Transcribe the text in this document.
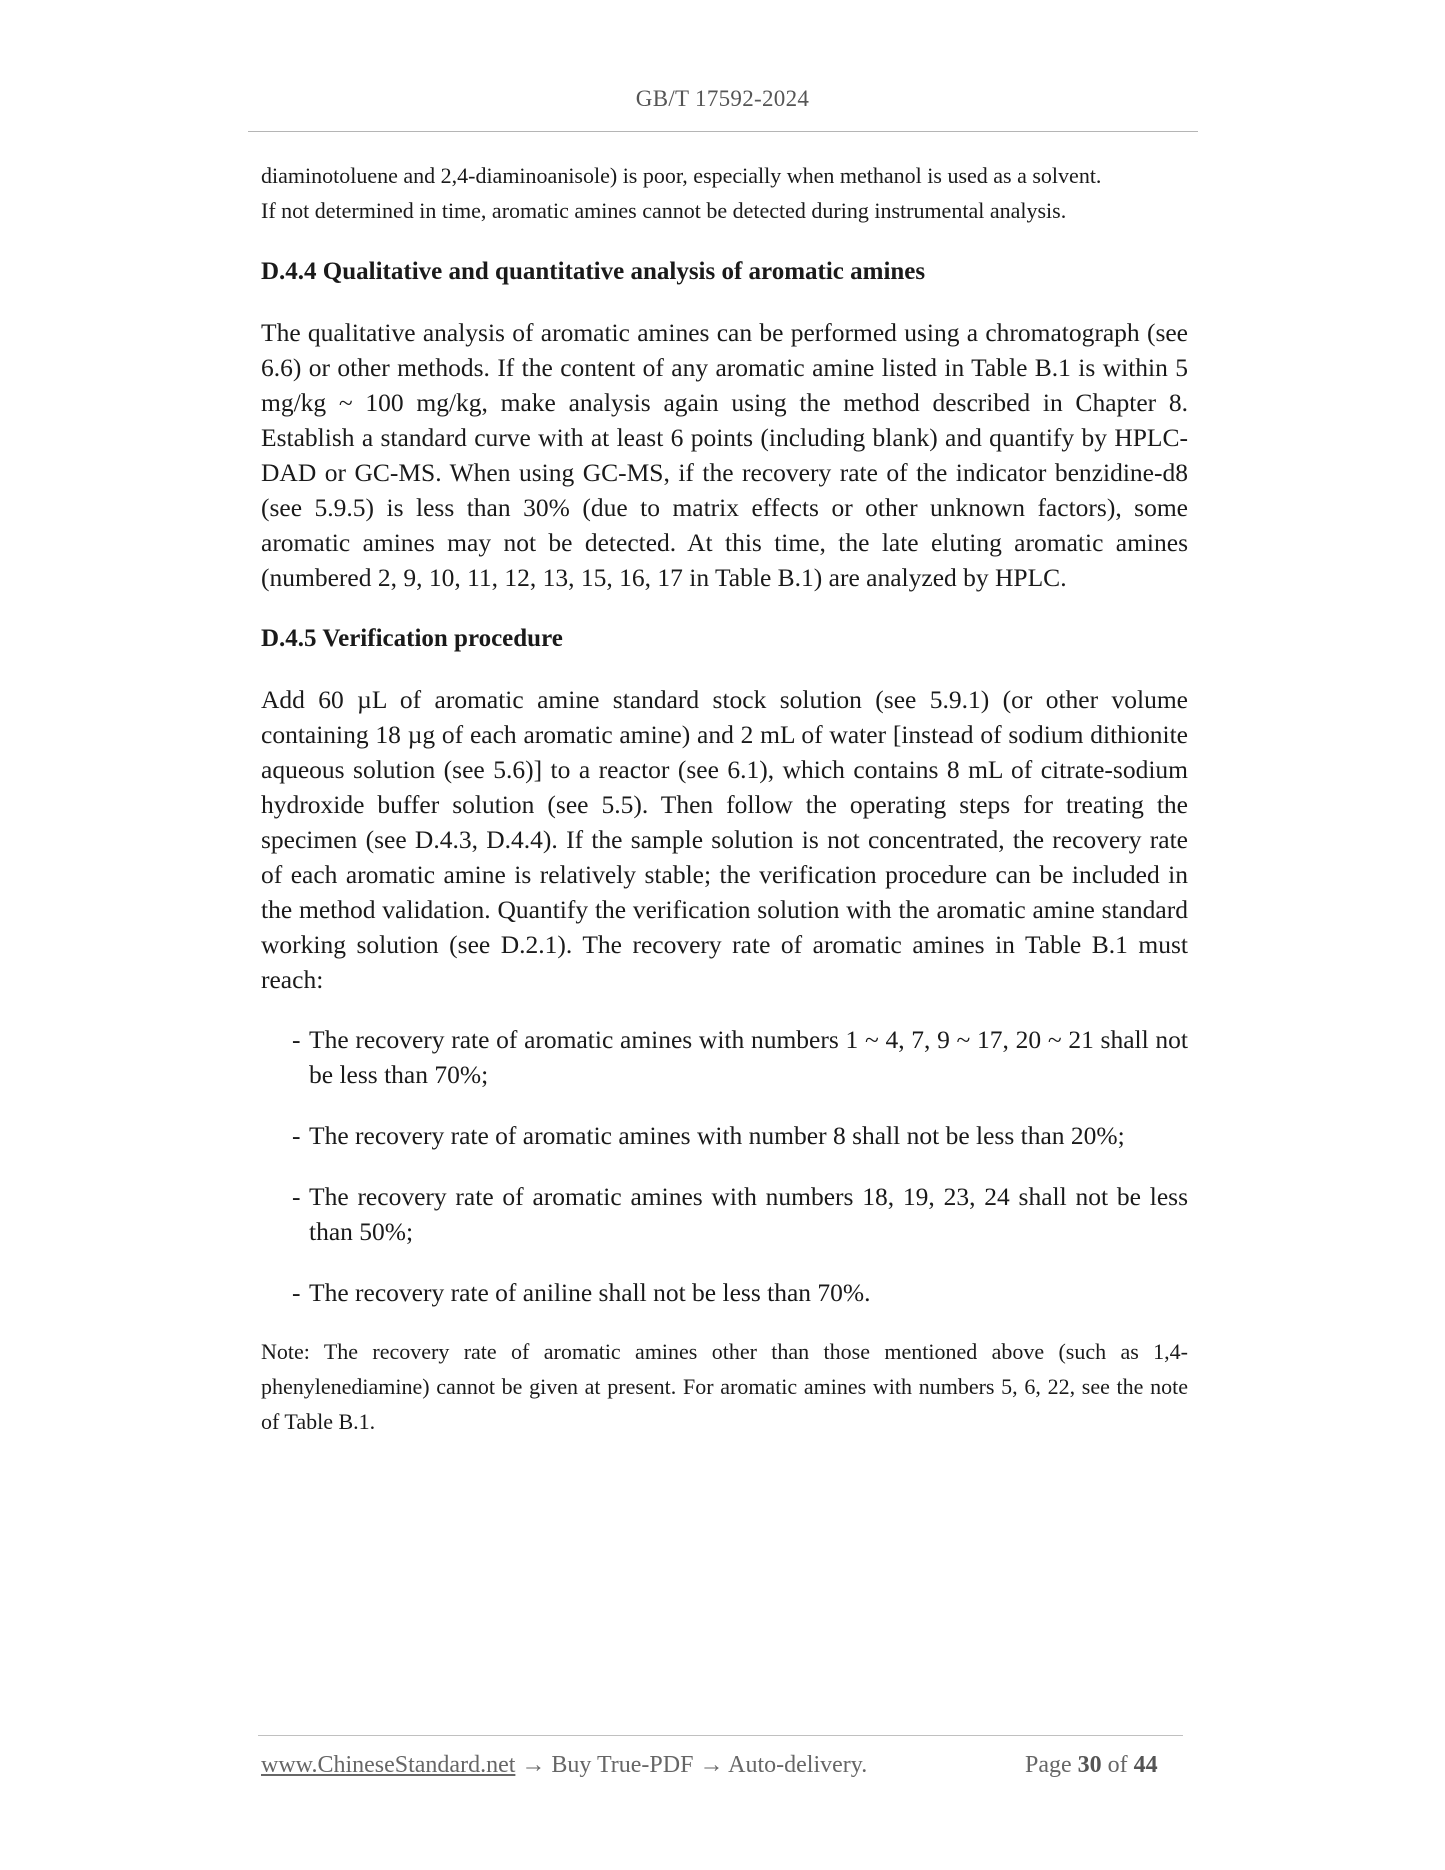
GB/T 17592-2024

diaminotoluene and 2,4-diaminoanisole) is poor, especially when methanol is used as a solvent.
If not determined in time, aromatic amines cannot be detected during instrumental analysis.

D.4.4 Qualitative and quantitative analysis of aromatic amines

The qualitative analysis of aromatic amines can be performed using a chromatograph (see 6.6) or other methods. If the content of any aromatic amine listed in Table B.1 is within 5 mg/kg ~ 100 mg/kg, make analysis again using the method described in Chapter 8. Establish a standard curve with at least 6 points (including blank) and quantify by HPLC-DAD or GC-MS. When using GC-MS, if the recovery rate of the indicator benzidine-d8 (see 5.9.5) is less than 30% (due to matrix effects or other unknown factors), some aromatic amines may not be detected. At this time, the late eluting aromatic amines (numbered 2, 9, 10, 11, 12, 13, 15, 16, 17 in Table B.1) are analyzed by HPLC.

D.4.5 Verification procedure

Add 60 µL of aromatic amine standard stock solution (see 5.9.1) (or other volume containing 18 µg of each aromatic amine) and 2 mL of water [instead of sodium dithionite aqueous solution (see 5.6)] to a reactor (see 6.1), which contains 8 mL of citrate-sodium hydroxide buffer solution (see 5.5). Then follow the operating steps for treating the specimen (see D.4.3, D.4.4). If the sample solution is not concentrated, the recovery rate of each aromatic amine is relatively stable; the verification procedure can be included in the method validation. Quantify the verification solution with the aromatic amine standard working solution (see D.2.1). The recovery rate of aromatic amines in Table B.1 must reach:

- The recovery rate of aromatic amines with numbers 1 ~ 4, 7, 9 ~ 17, 20 ~ 21 shall not be less than 70%;
- The recovery rate of aromatic amines with number 8 shall not be less than 20%;
- The recovery rate of aromatic amines with numbers 18, 19, 23, 24 shall not be less than 50%;
- The recovery rate of aniline shall not be less than 70%.

Note: The recovery rate of aromatic amines other than those mentioned above (such as 1,4-phenylenediamine) cannot be given at present. For aromatic amines with numbers 5, 6, 22, see the note of Table B.1.

www.ChineseStandard.net → Buy True-PDF → Auto-delivery.	Page 30 of 44
